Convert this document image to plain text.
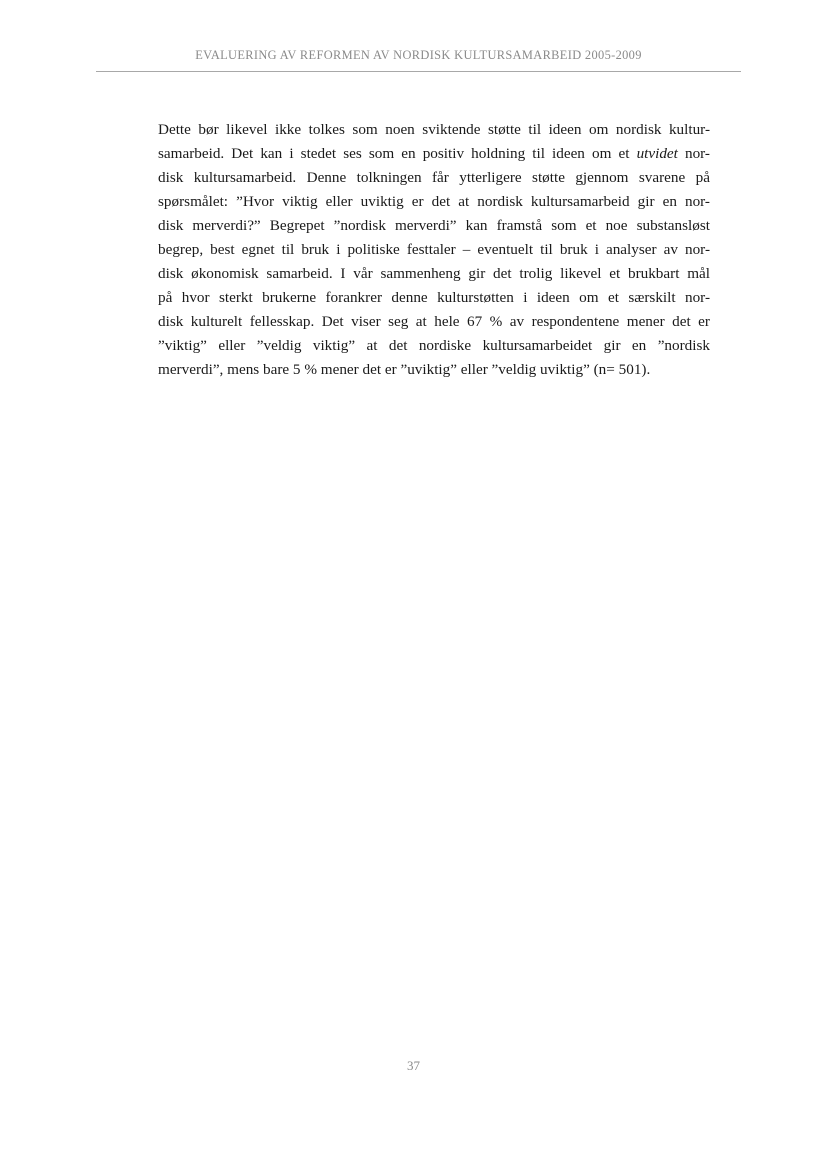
EVALUERING AV REFORMEN AV NORDISK KULTURSAMARBEID 2005-2009
Dette bør likevel ikke tolkes som noen sviktende støtte til ideen om nordisk kultur-
samarbeid. Det kan i stedet ses som en positiv holdning til ideen om et utvidet nor-
disk kultursamarbeid. Denne tolkningen får ytterligere støtte gjennom svarene på
spørsmålet: ”Hvor viktig eller uviktig er det at nordisk kultursamarbeid gir en nor-
disk merverdi?” Begrepet ”nordisk merverdi” kan framstå som et noe substansløst
begrep, best egnet til bruk i politiske festtaler – eventuelt til bruk i analyser av nor-
disk økonomisk samarbeid. I vår sammenheng gir det trolig likevel et brukbart mål
på hvor sterkt brukerne forankrer denne kulturstøtten i ideen om et særskilt nor-
disk kulturelt fellesskap. Det viser seg at hele 67 % av respondentene mener det er
”viktig” eller ”veldig viktig” at det nordiske kultursamarbeidet gir en ”nordisk
merverdi”, mens bare 5 % mener det er ”uviktig” eller ”veldig uviktig” (n= 501).
37
